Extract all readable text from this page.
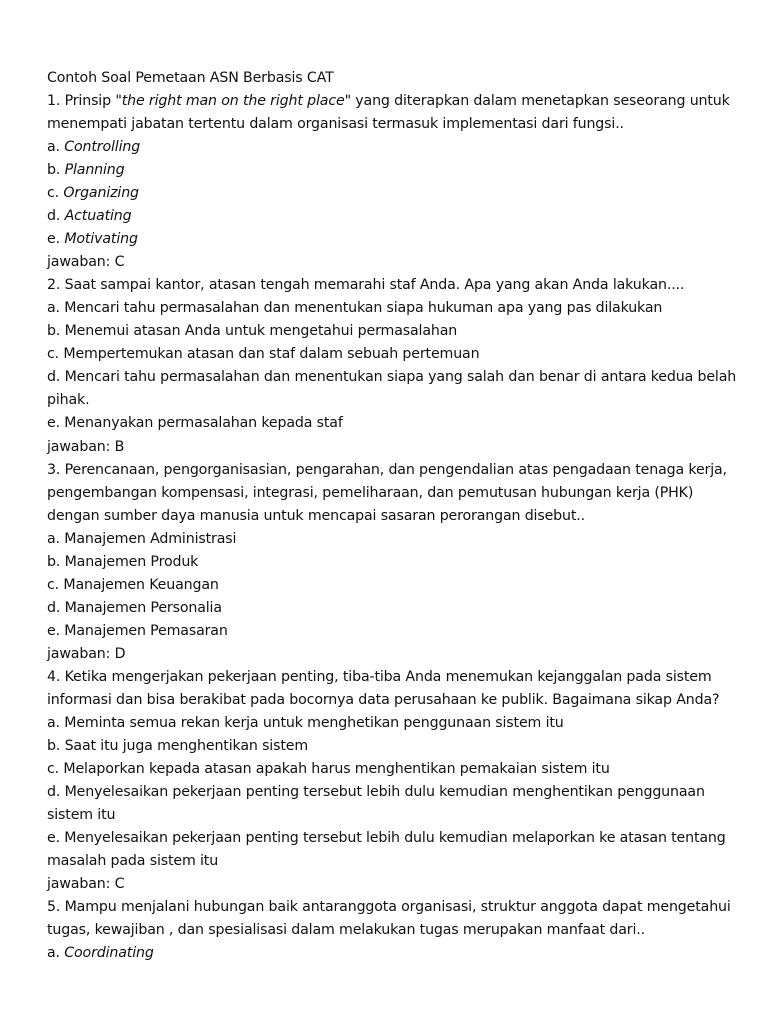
Contoh Soal Pemetaan ASN Berbasis CAT
1. Prinsip "the right man on the right place" yang diterapkan dalam menetapkan seseorang untuk
menempati jabatan tertentu dalam organisasi termasuk implementasi dari fungsi..
a. Controlling
b. Planning
c. Organizing
d. Actuating
e. Motivating
jawaban: C
2. Saat sampai kantor, atasan tengah memarahi staf Anda. Apa yang akan Anda lakukan....
a. Mencari tahu permasalahan dan menentukan siapa hukuman apa yang pas dilakukan
b. Menemui atasan Anda untuk mengetahui permasalahan
c. Mempertemukan atasan dan staf dalam sebuah pertemuan
d. Mencari tahu permasalahan dan menentukan siapa yang salah dan benar di antara kedua belah
pihak.
e. Menanyakan permasalahan kepada staf
jawaban: B
3. Perencanaan, pengorganisasian, pengarahan, dan pengendalian atas pengadaan tenaga kerja,
pengembangan kompensasi, integrasi, pemeliharaan, dan pemutusan hubungan kerja (PHK)
dengan sumber daya manusia untuk mencapai sasaran perorangan disebut..
a. Manajemen Administrasi
b. Manajemen Produk
c. Manajemen Keuangan
d. Manajemen Personalia
e. Manajemen Pemasaran
jawaban: D
4. Ketika mengerjakan pekerjaan penting, tiba-tiba Anda menemukan kejanggalan pada sistem
informasi dan bisa berakibat pada bocornya data perusahaan ke publik. Bagaimana sikap Anda?
a. Meminta semua rekan kerja untuk menghetikan penggunaan sistem itu
b. Saat itu juga menghentikan sistem
c. Melaporkan kepada atasan apakah harus menghentikan pemakaian sistem itu
d. Menyelesaikan pekerjaan penting tersebut lebih dulu kemudian menghentikan penggunaan
sistem itu
e. Menyelesaikan pekerjaan penting tersebut lebih dulu kemudian melaporkan ke atasan tentang
masalah pada sistem itu
jawaban: C
5. Mampu menjalani hubungan baik antaranggota organisasi, struktur anggota dapat mengetahui
tugas, kewajiban , dan spesialisasi dalam melakukan tugas merupakan manfaat dari..
a. Coordinating
